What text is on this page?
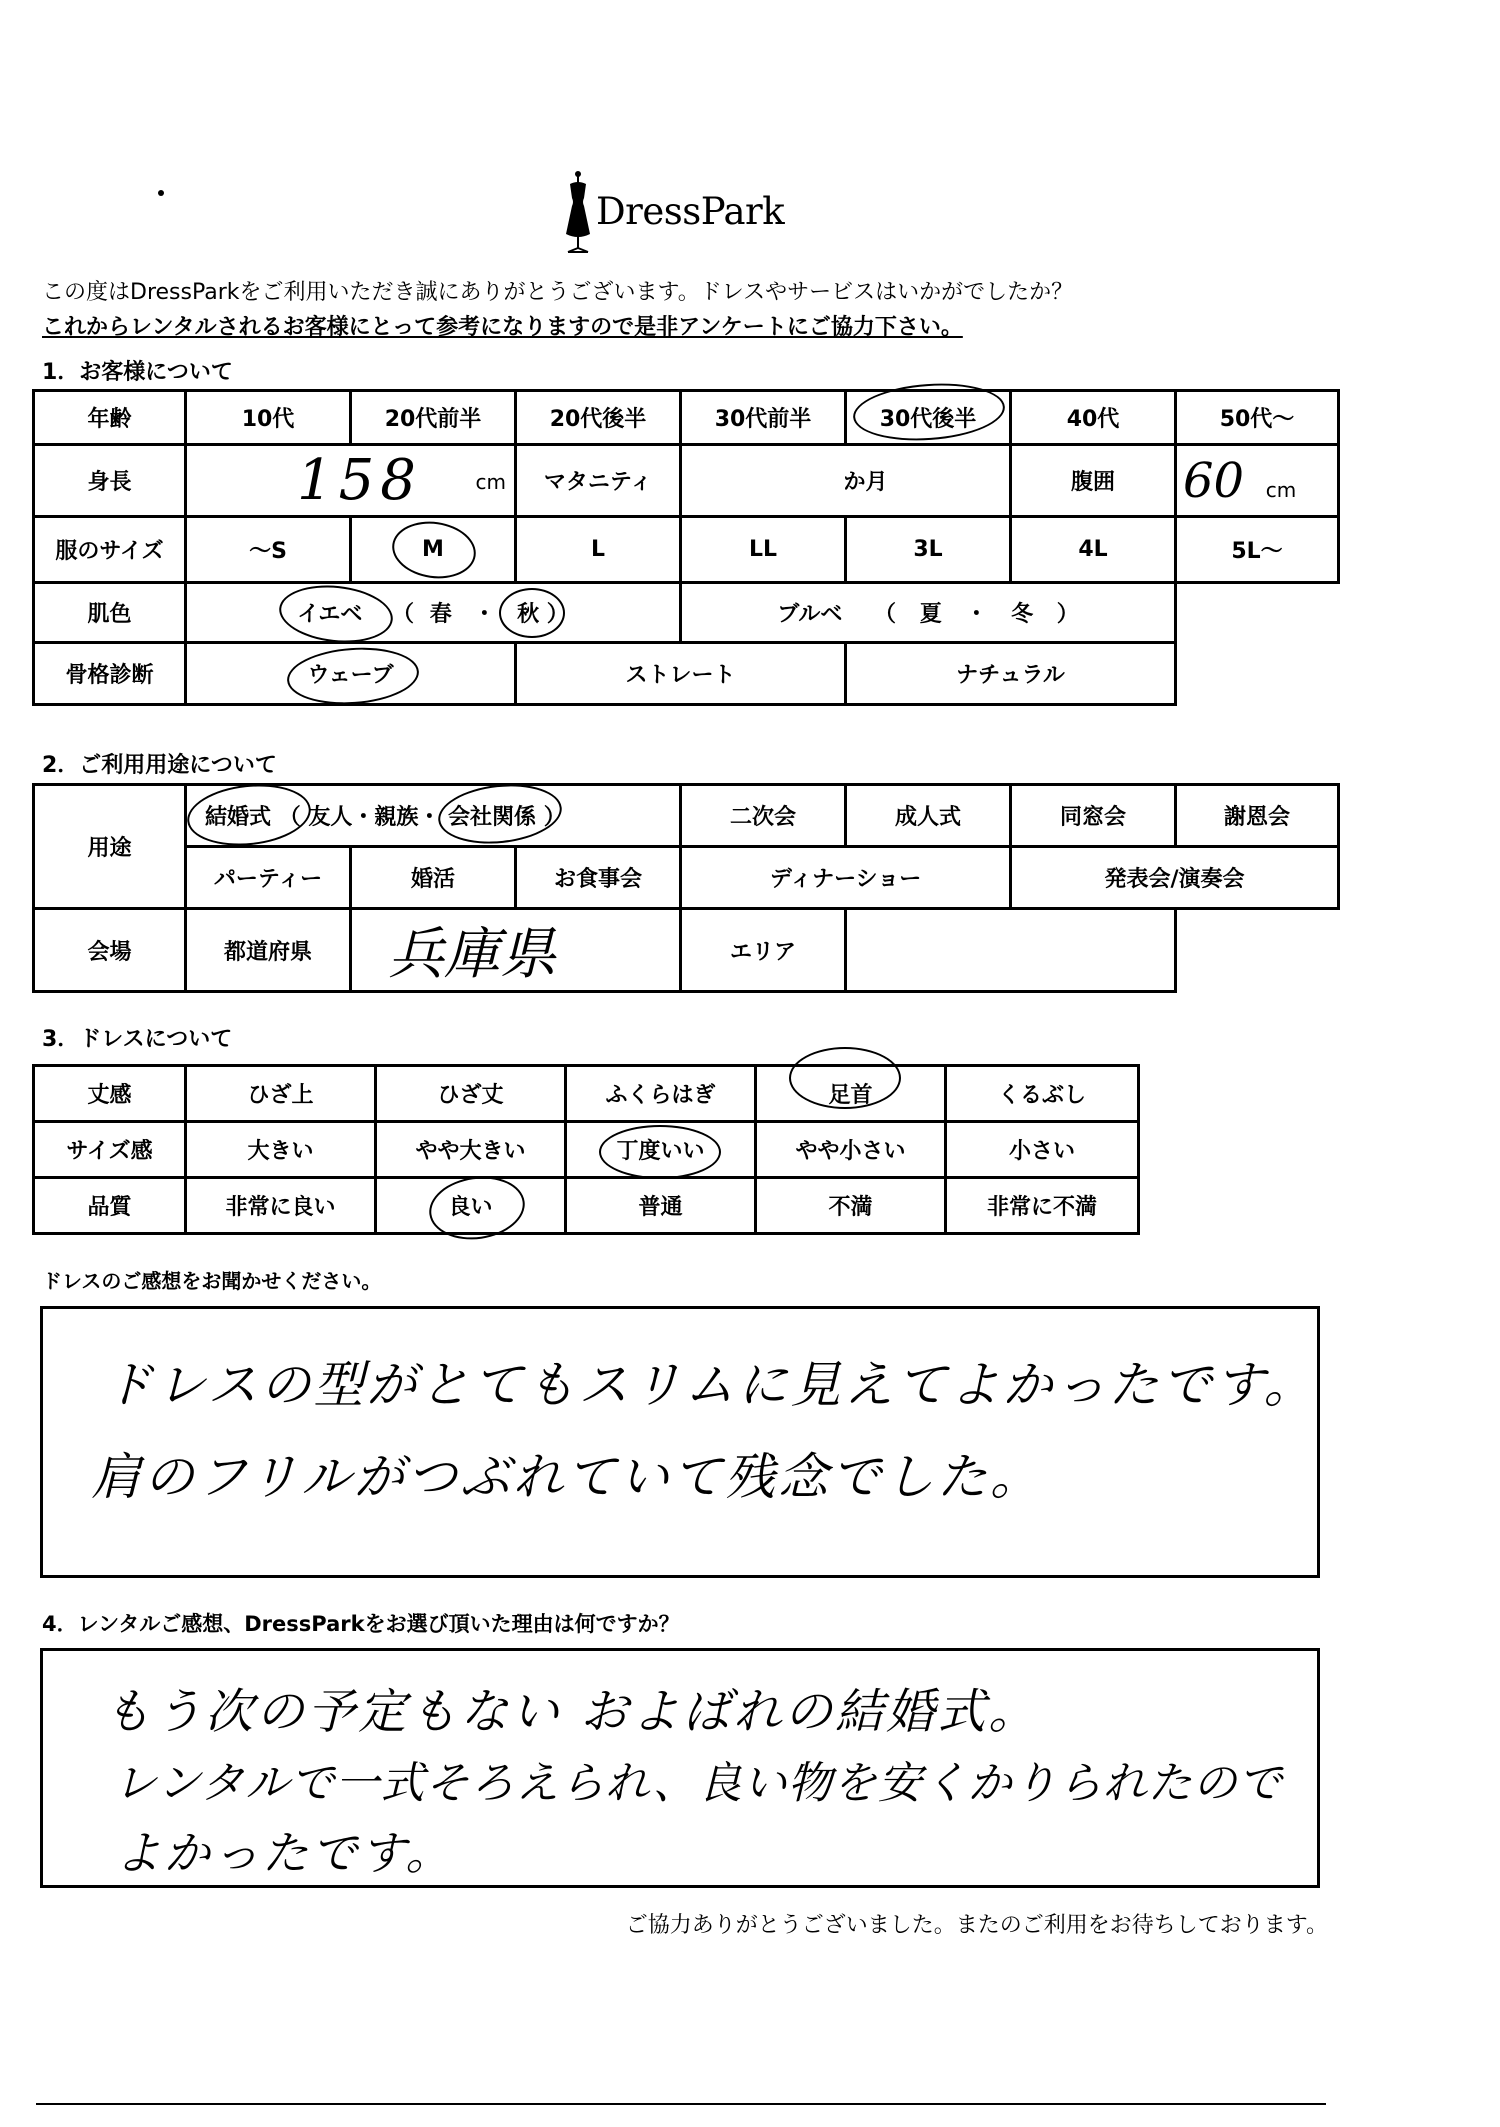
DressPark
この度はDressParkをご利用いただき誠にありがとうございます。ドレスやサービスはいかがでしたか？
これからレンタルされるお客様にとって参考になりますので是非アンケートにご協力下さい。
1．お客様について
年齢	10代	20代前半	20代後半	30代前半	30代後半	40代	50代～
身長	158 cm		マタニティ	か月		腹囲	60 cm
服のサイズ	～S	M	L	LL	3L	4L	5L～
肌色	イエベ （ 春 ・ 秋 ）			ブルベ （ 夏 ・ 冬 ）			
骨格診断	ウェーブ		ストレート		ナチュラル		
2．ご利用用途について
用途	結婚式 （ 友人・親族・ 会社関係 ）			二次会	成人式	同窓会	謝恩会
	パーティー	婚活	お食事会	ディナーショー		発表会/演奏会	
会場	都道府県	兵庫県		エリア			
3．ドレスについて
丈感	ひざ上	ひざ丈	ふくらはぎ	足首	くるぶし
サイズ感	大きい	やや大きい	丁度いい	やや小さい	小さい
品質	非常に良い	良い	普通	不満	非常に不満
ドレスのご感想をお聞かせください。
ドレスの型がとてもスリムに見えてよかったです。
肩のフリルがつぶれていて残念でした。
4．レンタルご感想、DressParkをお選び頂いた理由は何ですか？
もう次の予定もない およばれの結婚式。
レンタルで一式そろえられ、良い物を安くかりられたので
よかったです。
ご協力ありがとうございました。またのご利用をお待ちしております。
